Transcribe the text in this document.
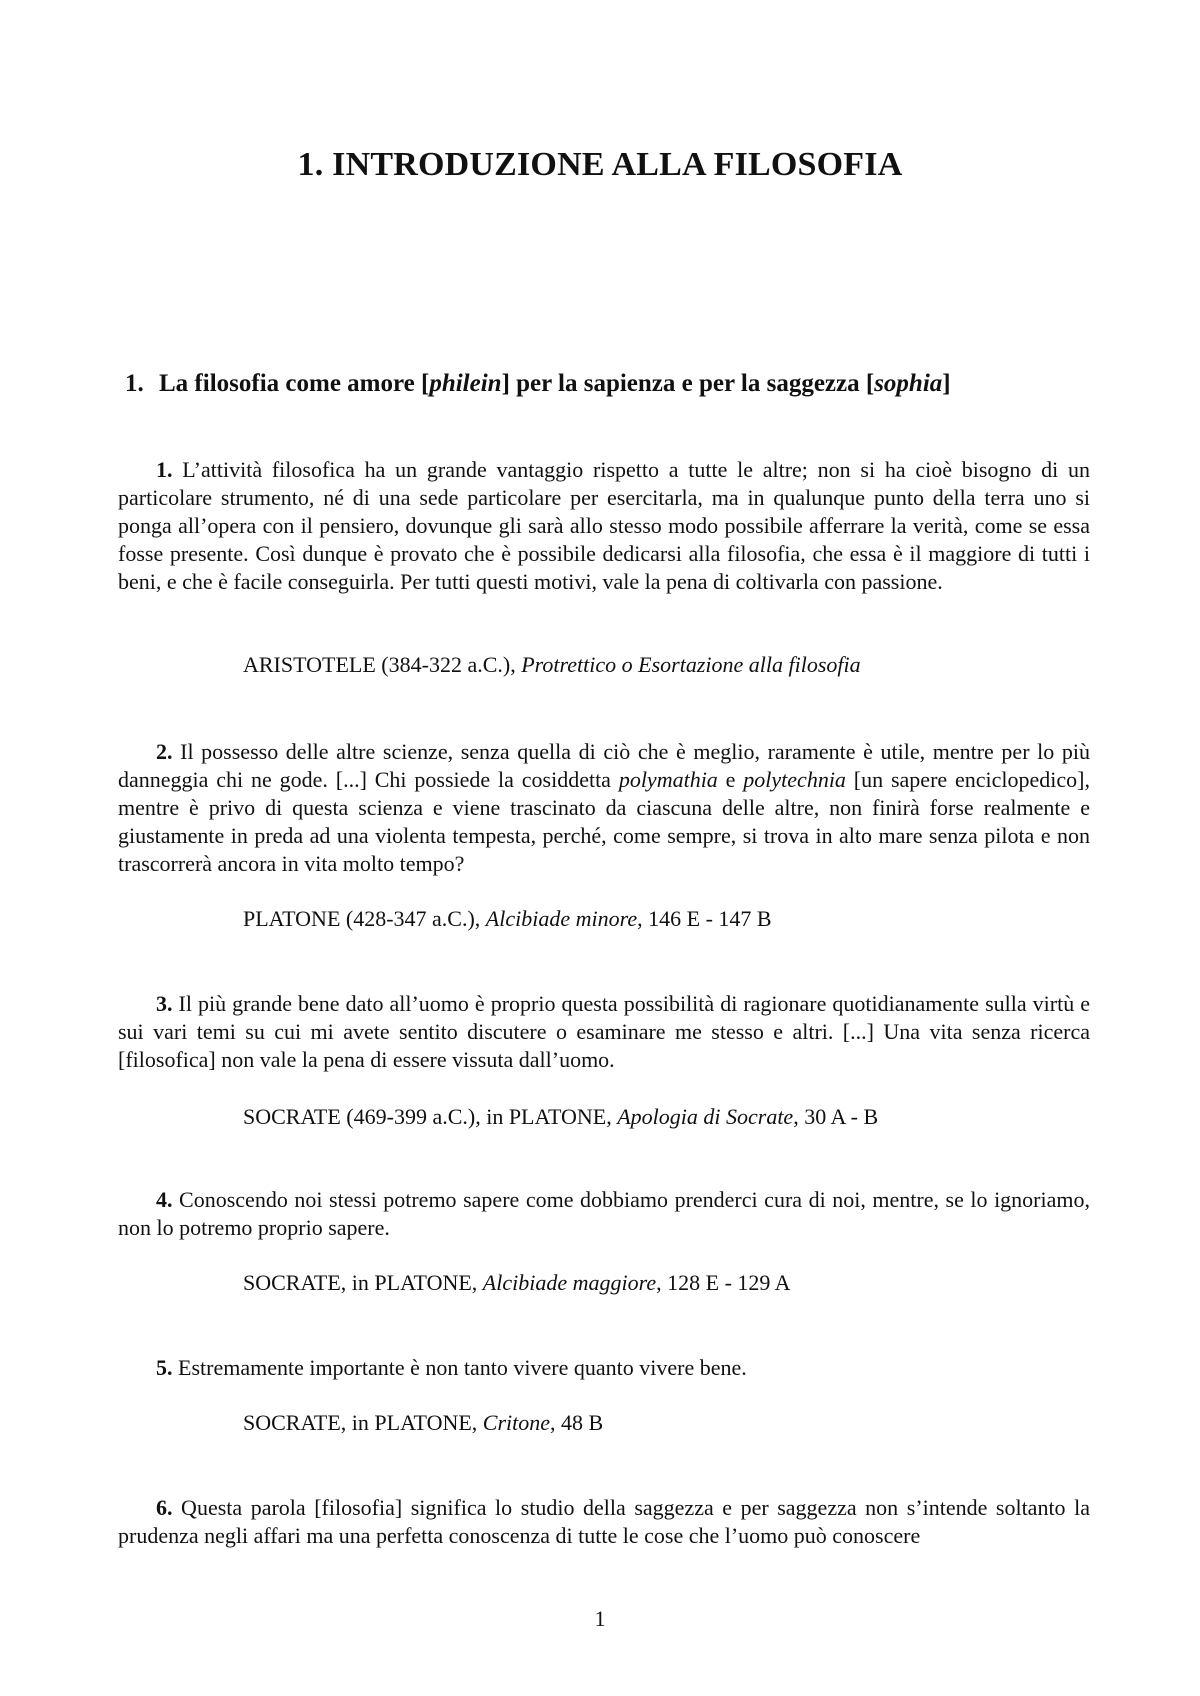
1. INTRODUZIONE ALLA FILOSOFIA
1. La filosofia come amore [philein] per la sapienza e per la saggezza [sophia]

1. L’attività filosofica ha un grande vantaggio rispetto a tutte le altre; non si ha cioè bisogno di un particolare strumento, né di una sede particolare per esercitarla, ma in qualunque punto della terra uno si ponga all’opera con il pensiero, dovunque gli sarà allo stesso modo possibile afferrare la verità, come se essa fosse presente. Così dunque è provato che è possibile dedicarsi alla filosofia, che essa è il maggiore di tutti i beni, e che è facile conseguirla. Per tutti questi motivi, vale la pena di coltivarla con passione.

ARISTOTELE (384-322 a.C.), Protrettico o Esortazione alla filosofia

2. Il possesso delle altre scienze, senza quella di ciò che è meglio, raramente è utile, mentre per lo più danneggia chi ne gode. [...] Chi possiede la cosiddetta polymathia e polytechnia [un sapere enciclopedico], mentre è privo di questa scienza e viene trascinato da ciascuna delle altre, non finirà forse realmente e giustamente in preda ad una violenta tempesta, perché, come sempre, si trova in alto mare senza pilota e non trascorrerà ancora in vita molto tempo?

PLATONE (428-347 a.C.), Alcibiade minore, 146 E - 147 B

3. Il più grande bene dato all’uomo è proprio questa possibilità di ragionare quotidianamente sulla virtù e sui vari temi su cui mi avete sentito discutere o esaminare me stesso e altri. [...] Una vita senza ricerca [filosofica] non vale la pena di essere vissuta dall’uomo.

SOCRATE (469-399 a.C.), in PLATONE, Apologia di Socrate, 30 A - B

4. Conoscendo noi stessi potremo sapere come dobbiamo prenderci cura di noi, mentre, se lo ignoriamo, non lo potremo proprio sapere.

SOCRATE, in PLATONE, Alcibiade maggiore, 128 E - 129 A

5. Estremamente importante è non tanto vivere quanto vivere bene.

SOCRATE, in PLATONE, Critone, 48 B

6. Questa parola [filosofia] significa lo studio della saggezza e per saggezza non s’intende soltanto la prudenza negli affari ma una perfetta conoscenza di tutte le cose che l’uomo può conoscere

1
